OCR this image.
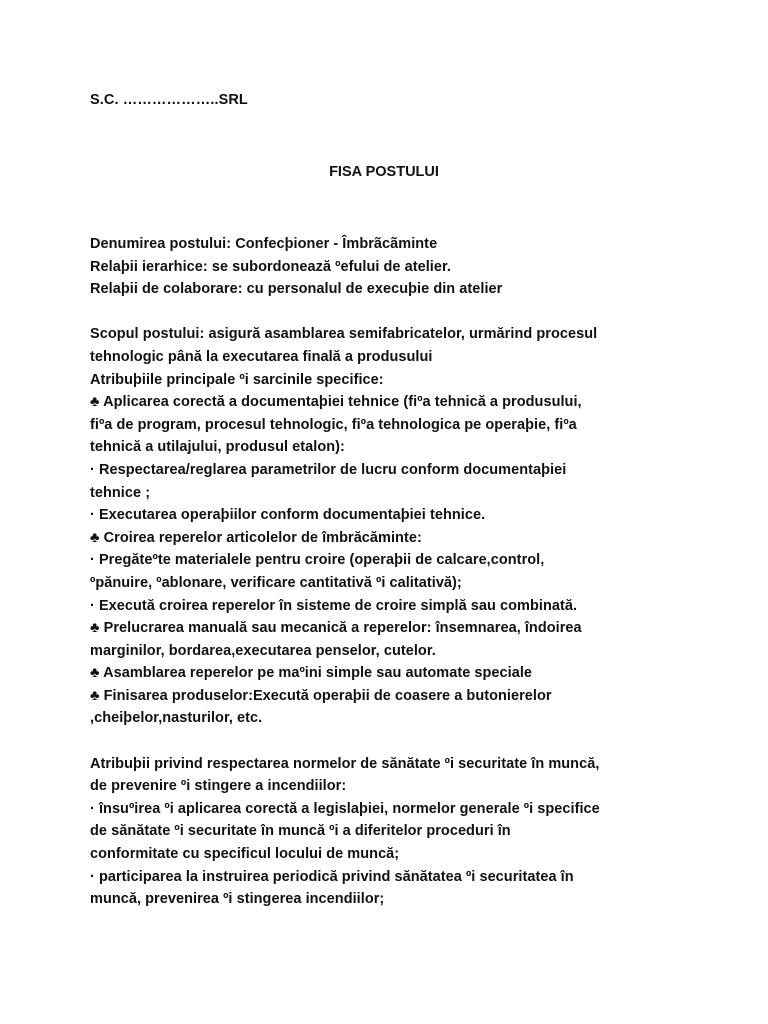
S.C. ………………..SRL
FISA POSTULUI
Denumirea postului: Confecþioner - Îmbrãcãminte
Relaþii ierarhice: se subordonează ºefului de atelier.
Relaþii de colaborare: cu personalul de execuþie din atelier
Scopul postului: asigură asamblarea semifabricatelor, urmărind procesul
tehnologic până la executarea finală a produsului
Atribuþiile principale ºi sarcinile specifice:
♣ Aplicarea corectă a documentaþiei tehnice (fiºa tehnică a produsului,
fiºa de program, procesul tehnologic, fiºa tehnologica pe operaþie, fiºa
tehnică a utilajului, produsul etalon):
· Respectarea/reglarea parametrilor de lucru conform documentaþiei
tehnice ;
· Executarea operaþiilor conform documentaþiei tehnice.
♣ Croirea reperelor articolelor de îmbrăcăminte:
· Pregăteºte materialele pentru croire (operaþii de calcare,control,
ºpănuire, ºablonare, verificare cantitativă ºi calitativă);
· Execută croirea reperelor în sisteme de croire simplă sau combinată.
♣ Prelucrarea manuală sau mecanică a reperelor: însemnarea, îndoirea
marginilor, bordarea,executarea penselor, cutelor.
♣ Asamblarea reperelor pe maºini simple sau automate speciale
♣ Finisarea produselor:Execută operaþii de coasere a butonierelor
,cheiþelor,nasturilor, etc.
Atribuþii privind respectarea normelor de sănătate ºi securitate în muncă,
de prevenire ºi stingere a incendiilor:
· însuºirea ºi aplicarea corectă a legislaþiei, normelor generale ºi specifice
de sănătate ºi securitate în muncă ºi a diferitelor proceduri în
conformitate cu specificul locului de muncă;
· participarea la instruirea periodică privind sănătatea ºi securitatea în
muncă, prevenirea ºi stingerea incendiilor;
